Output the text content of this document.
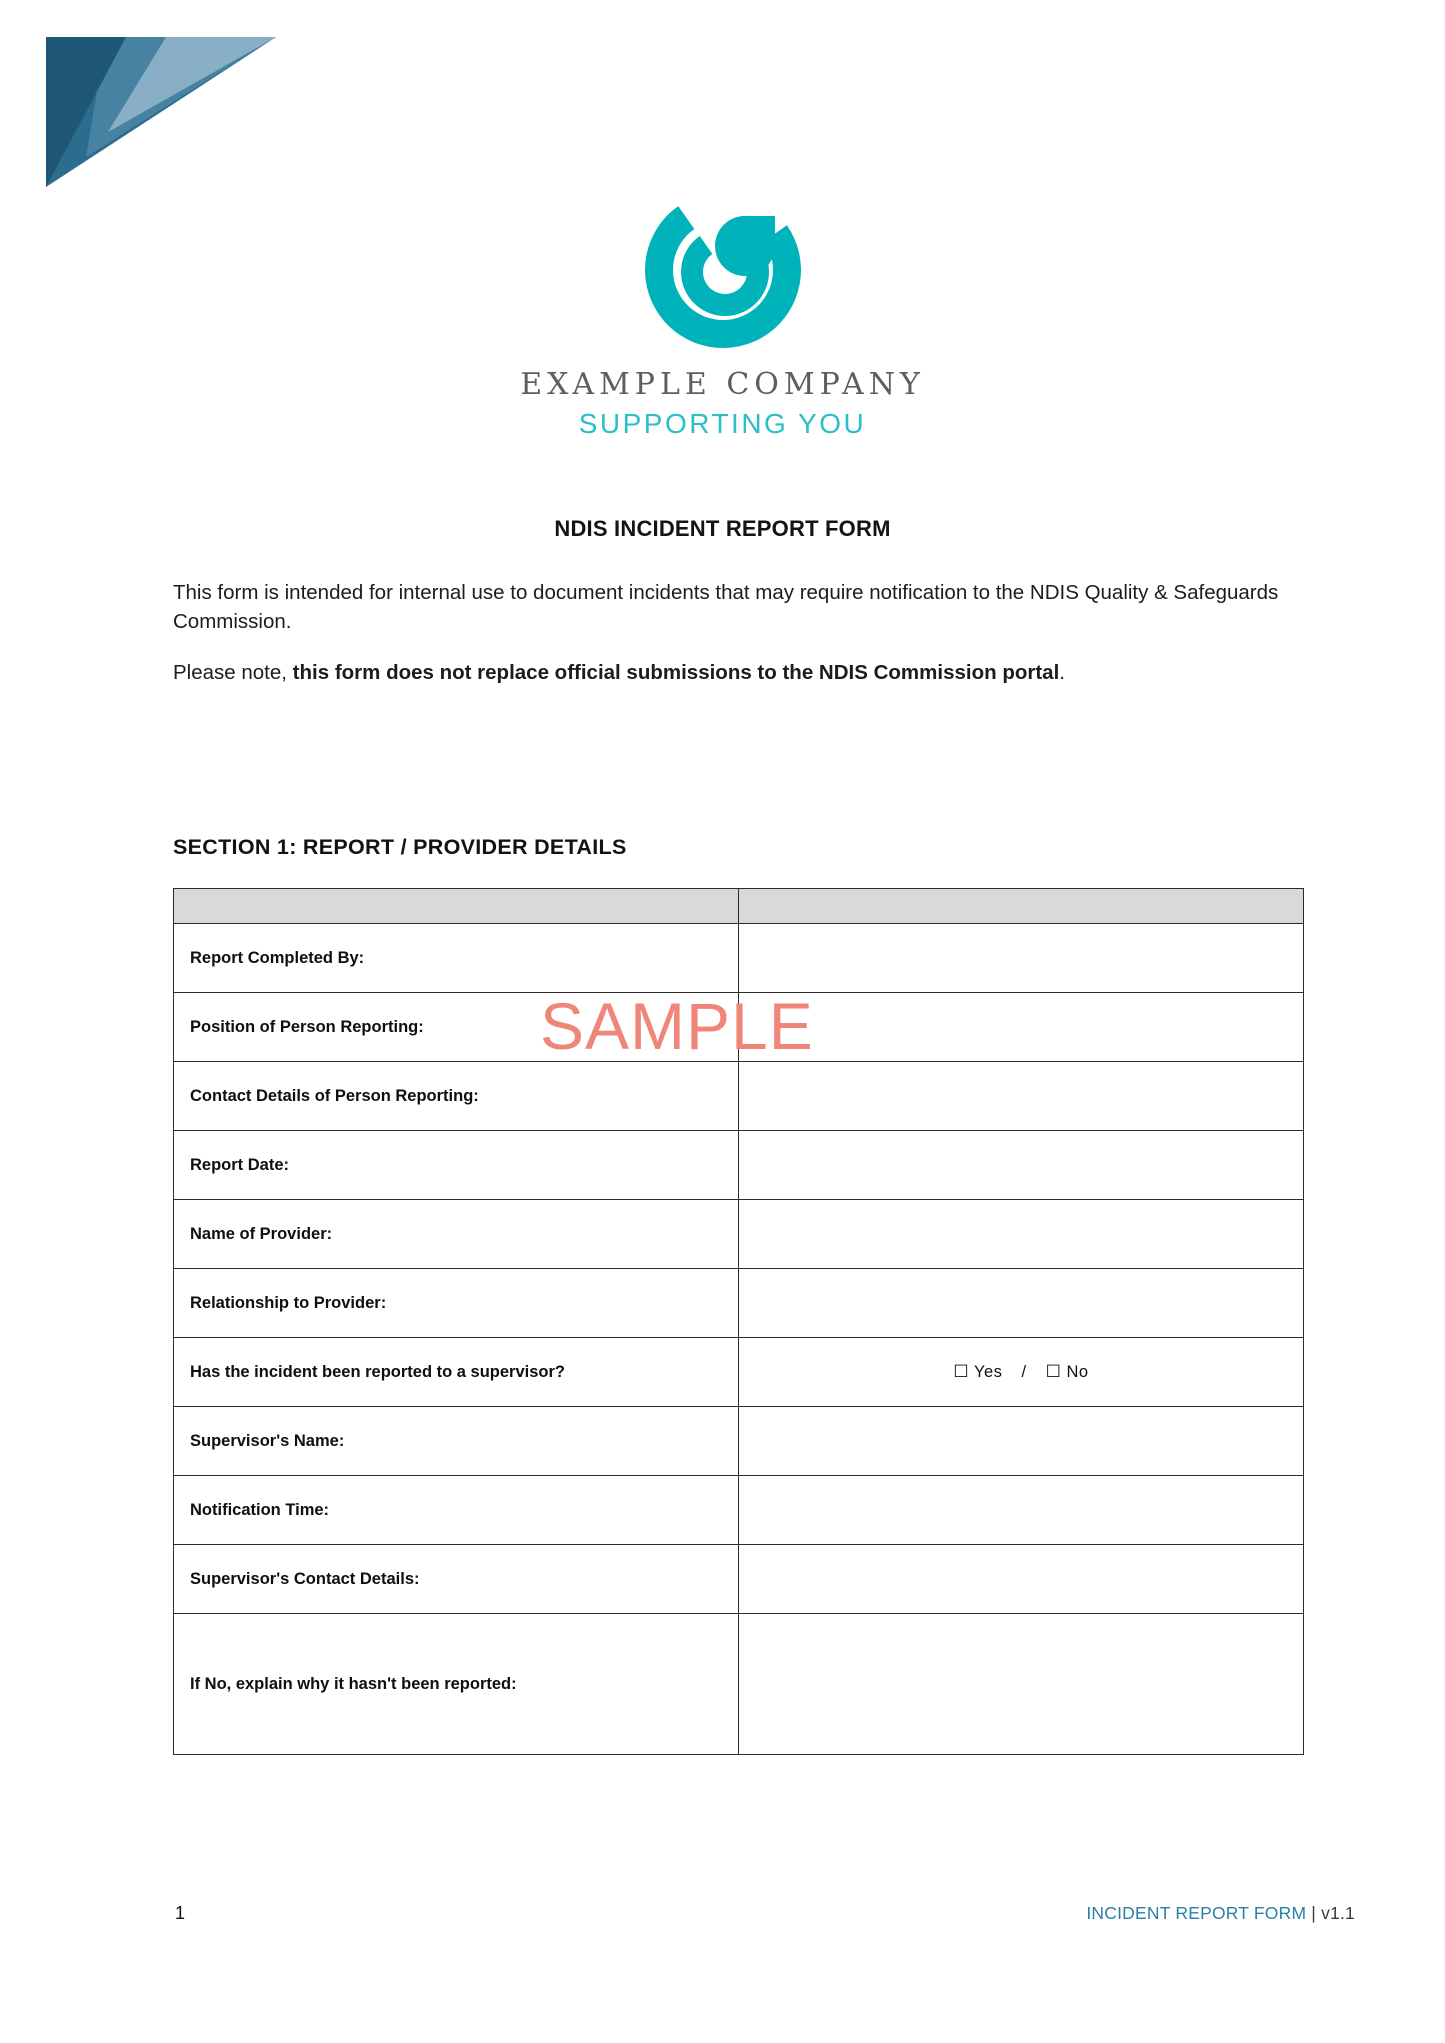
EXAMPLE COMPANY
SUPPORTING YOU
NDIS INCIDENT REPORT FORM

This form is intended for internal use to document incidents that may require notification to the NDIS Quality & Safeguards Commission.

Please note, this form does not replace official submissions to the NDIS Commission portal.

SECTION 1: REPORT / PROVIDER DETAILS

Report Completed By:	
Position of Person Reporting:	
Contact Details of Person Reporting:	
Report Date:	
Name of Provider:	
Relationship to Provider:	
Has the incident been reported to a supervisor?	☐ Yes / ☐ No
Supervisor's Name:	
Notification Time:	
Supervisor's Contact Details:	
If No, explain why it hasn't been reported:	
SAMPLE
1	INCIDENT REPORT FORM | v1.1
